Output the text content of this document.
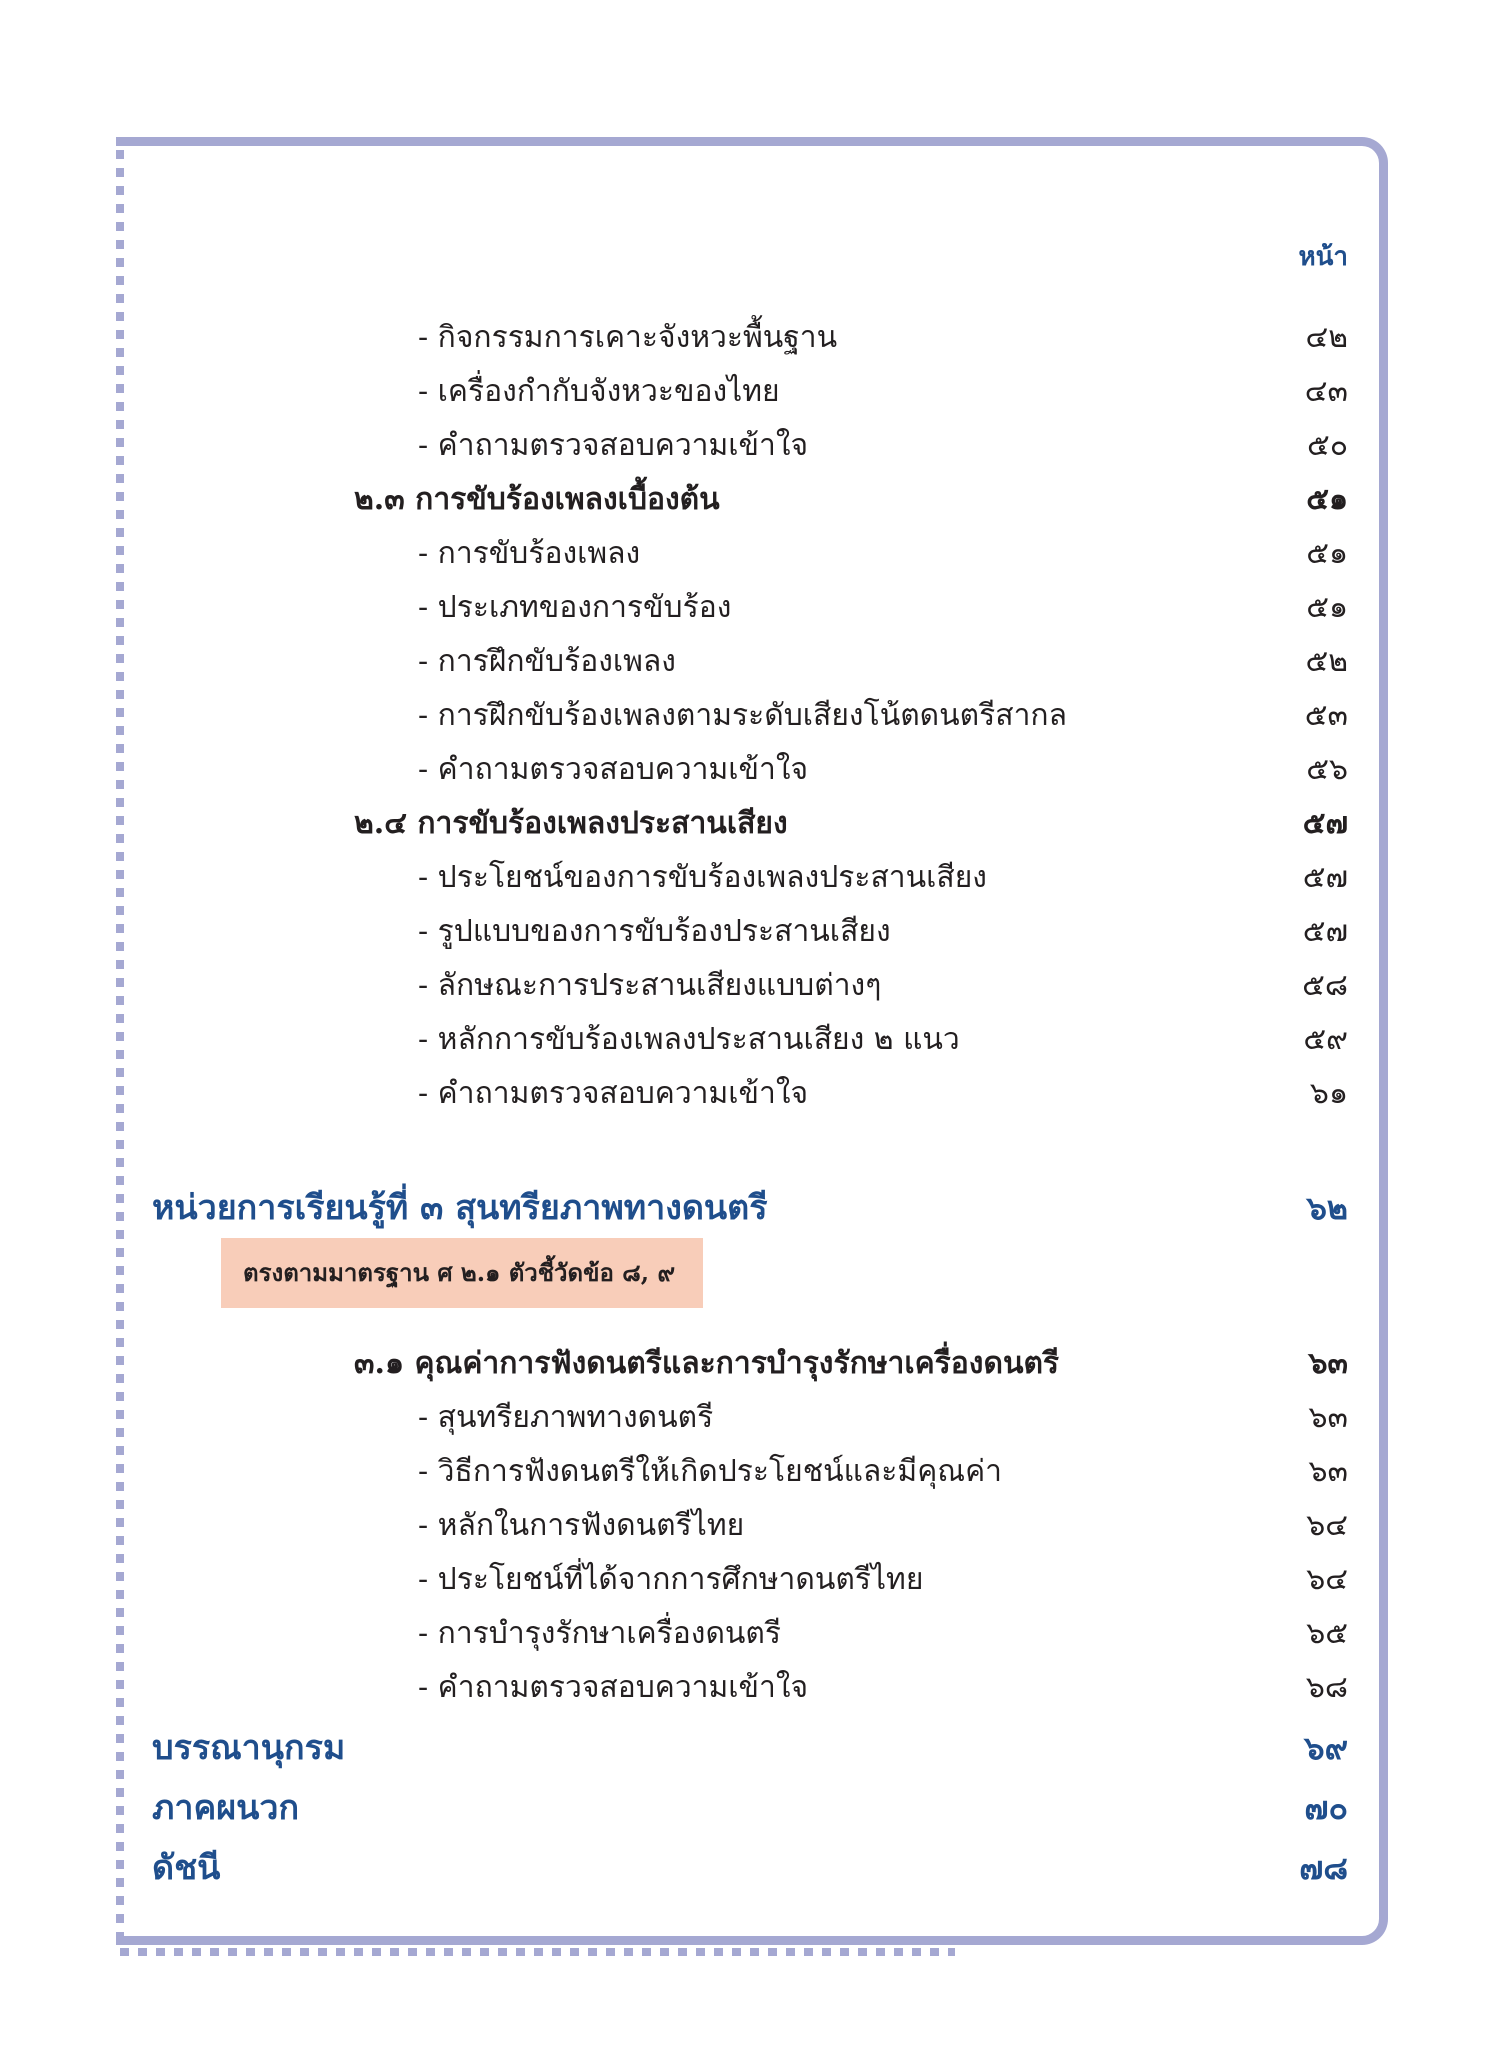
หน้า
- กิจกรรมการเคาะจังหวะพื้นฐาน	๔๒
- เครื่องกำกับจังหวะของไทย	๔๓
- คำถามตรวจสอบความเข้าใจ	๕๐
๒.๓ การขับร้องเพลงเบื้องต้น	๕๑
- การขับร้องเพลง	๕๑
- ประเภทของการขับร้อง	๕๑
- การฝึกขับร้องเพลง	๕๒
- การฝึกขับร้องเพลงตามระดับเสียงโน้ตดนตรีสากล	๕๓
- คำถามตรวจสอบความเข้าใจ	๕๖
๒.๔ การขับร้องเพลงประสานเสียง	๕๗
- ประโยชน์ของการขับร้องเพลงประสานเสียง	๕๗
- รูปแบบของการขับร้องประสานเสียง	๕๗
- ลักษณะการประสานเสียงแบบต่างๆ	๕๘
- หลักการขับร้องเพลงประสานเสียง ๒ แนว	๕๙
- คำถามตรวจสอบความเข้าใจ	๖๑
หน่วยการเรียนรู้ที่ ๓ สุนทรียภาพทางดนตรี	๖๒
ตรงตามมาตรฐาน ศ ๒.๑ ตัวชี้วัดข้อ ๘, ๙
๓.๑ คุณค่าการฟังดนตรีและการบำรุงรักษาเครื่องดนตรี	๖๓
- สุนทรียภาพทางดนตรี	๖๓
- วิธีการฟังดนตรีให้เกิดประโยชน์และมีคุณค่า	๖๓
- หลักในการฟังดนตรีไทย	๖๔
- ประโยชน์ที่ได้จากการศึกษาดนตรีไทย	๖๔
- การบำรุงรักษาเครื่องดนตรี	๖๕
- คำถามตรวจสอบความเข้าใจ	๖๘
บรรณานุกรม	๖๙
ภาคผนวก	๗๐
ดัชนี	๗๘
